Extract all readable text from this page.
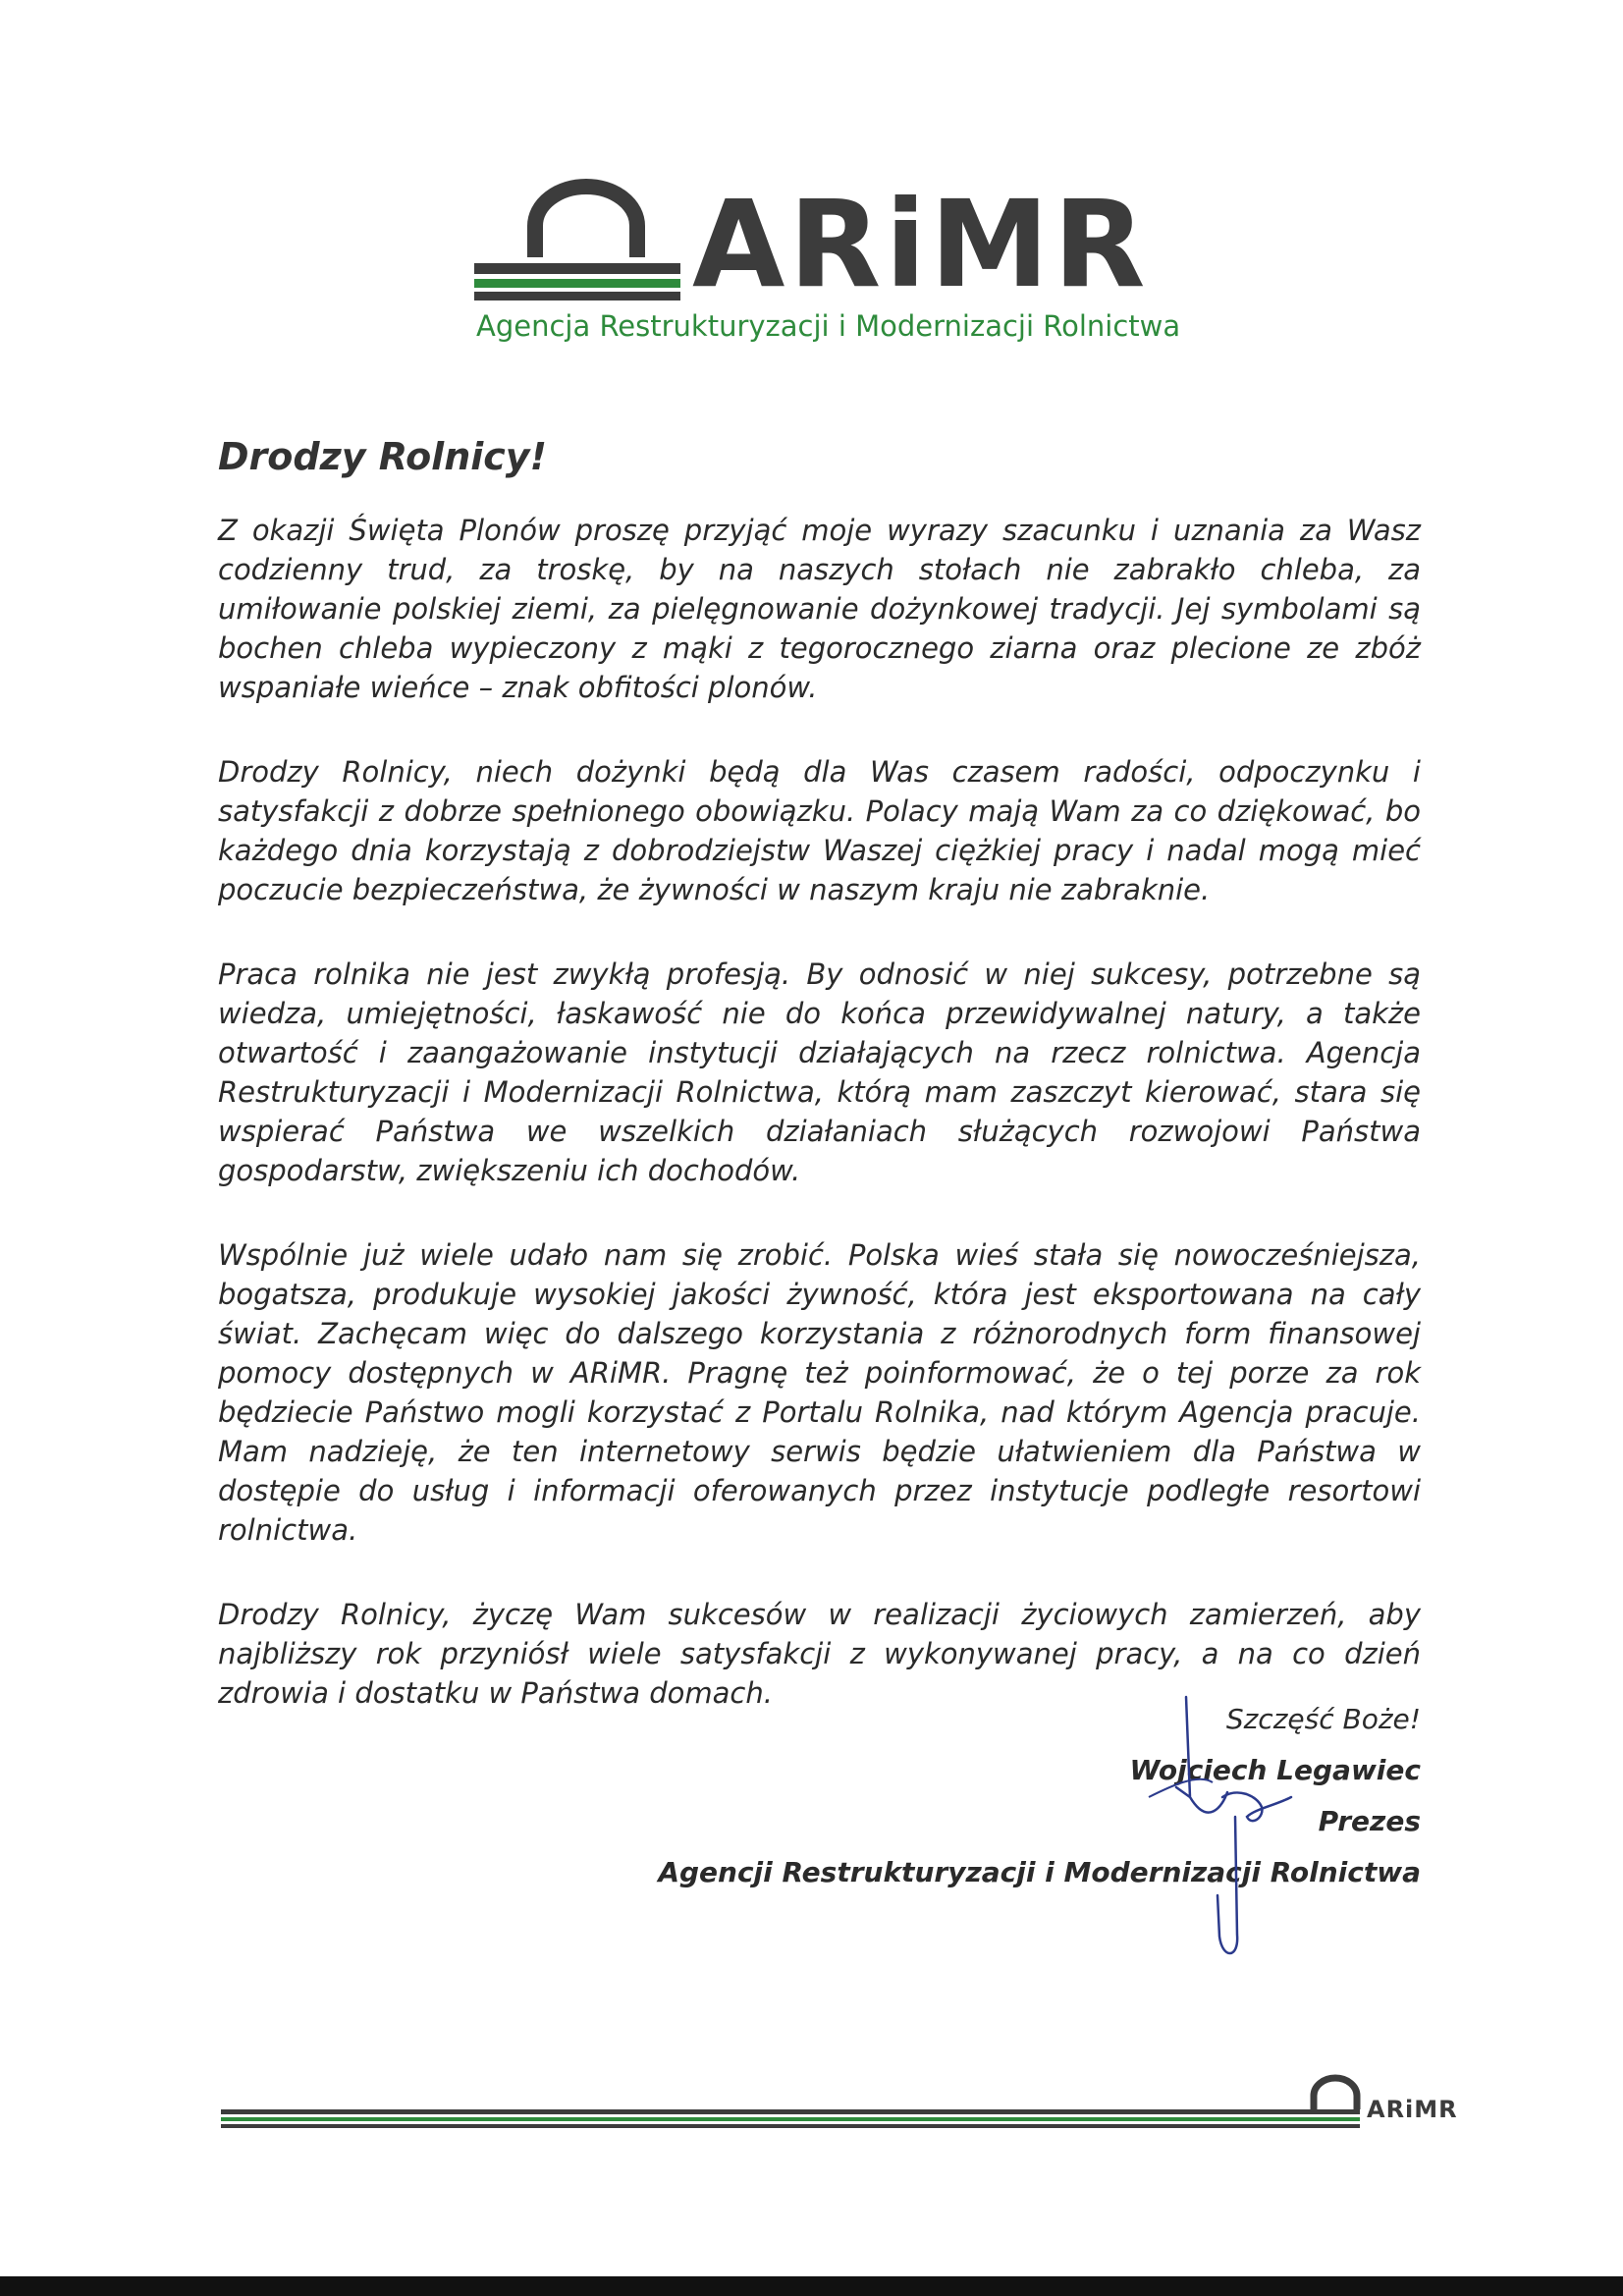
ARiMR
Agencja Restrukturyzacji i Modernizacji Rolnictwa
Drodzy Rolnicy!

Z okazji Święta Plonów proszę przyjąć moje wyrazy szacunku i uznania za Wasz codzienny trud, za troskę, by na naszych stołach nie zabrakło chleba, za umiłowanie polskiej ziemi, za pielęgnowanie dożynkowej tradycji. Jej symbolami są bochen chleba wypieczony z mąki z tegorocznego ziarna oraz plecione ze zbóż wspaniałe wieńce – znak obfitości plonów.

Drodzy Rolnicy, niech dożynki będą dla Was czasem radości, odpoczynku i satysfakcji z dobrze spełnionego obowiązku. Polacy mają Wam za co dziękować, bo każdego dnia korzystają z dobrodziejstw Waszej ciężkiej pracy i nadal mogą mieć poczucie bezpieczeństwa, że żywności w naszym kraju nie zabraknie.

Praca rolnika nie jest zwykłą profesją. By odnosić w niej sukcesy, potrzebne są wiedza, umiejętności, łaskawość nie do końca przewidywalnej natury, a także otwartość i zaangażowanie instytucji działających na rzecz rolnictwa. Agencja Restrukturyzacji i Modernizacji Rolnictwa, którą mam zaszczyt kierować, stara się wspierać Państwa we wszelkich działaniach służących rozwojowi Państwa gospodarstw, zwiększeniu ich dochodów.

Wspólnie już wiele udało nam się zrobić. Polska wieś stała się nowocześniejsza, bogatsza, produkuje wysokiej jakości żywność, która jest eksportowana na cały świat. Zachęcam więc do dalszego korzystania z różnorodnych form finansowej pomocy dostępnych w ARiMR. Pragnę też poinformować, że o tej porze za rok będziecie Państwo mogli korzystać z Portalu Rolnika, nad którym Agencja pracuje. Mam nadzieję, że ten internetowy serwis będzie ułatwieniem dla Państwa w dostępie do usług i informacji oferowanych przez instytucje podległe resortowi rolnictwa.

Drodzy Rolnicy, życzę Wam sukcesów w realizacji życiowych zamierzeń, aby najbliższy rok przyniósł wiele satysfakcji z wykonywanej pracy, a na co dzień zdrowia i dostatku w Państwa domach.

Szczęść Boże!
Wojciech Legawiec
Prezes
Agencji Restrukturyzacji i Modernizacji Rolnictwa
ARiMR
